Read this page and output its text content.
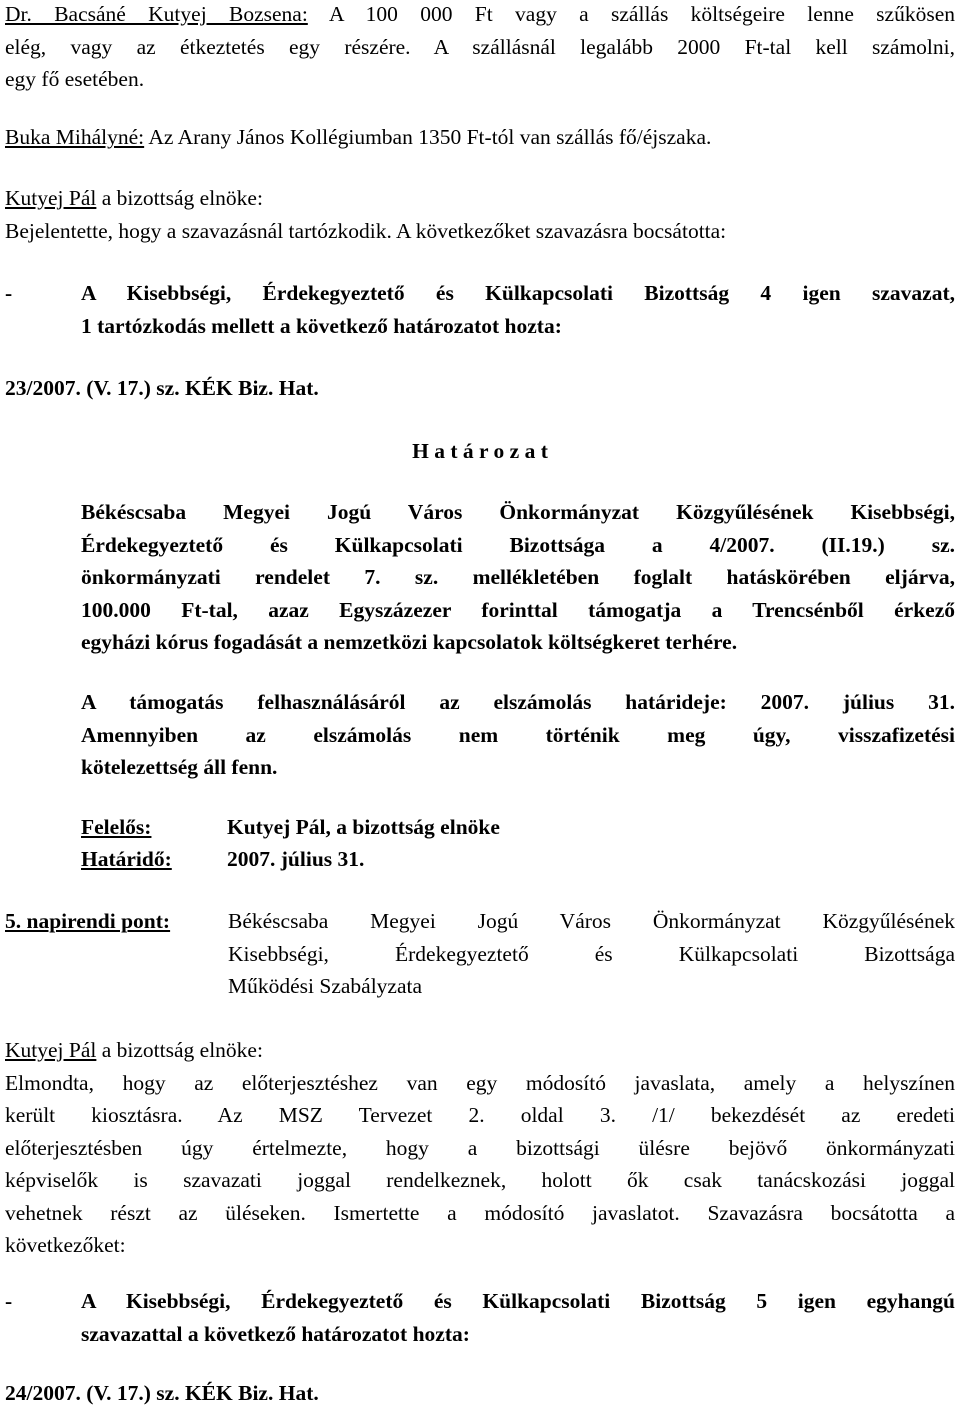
Dr. Bacsáné Kutyej Bozsena: A 100 000 Ft vagy a szállás költségeire lenne szűkösen
elég, vagy az étkeztetés egy részére. A szállásnál legalább 2000 Ft-tal kell számolni,
egy fő esetében.
Buka Mihályné: Az Arany János Kollégiumban 1350 Ft-tól van szállás fő/éjszaka.
Kutyej Pál a bizottság elnöke:
Bejelentette, hogy a szavazásnál tartózkodik. A következőket szavazásra bocsátotta:
-	A Kisebbségi, Érdekegyeztető és Külkapcsolati Bizottság 4 igen szavazat,
1 tartózkodás mellett a következő határozatot hozta:
23/2007. (V. 17.) sz. KÉK Biz. Hat.
H a t á r o z a t
Békéscsaba Megyei Jogú Város Önkormányzat Közgyűlésének Kisebbségi,
Érdekegyeztető és Külkapcsolati Bizottsága a 4/2007. (II.19.) sz.
önkormányzati rendelet 7. sz. mellékletében foglalt hatáskörében eljárva,
100.000 Ft-tal, azaz Egyszázezer forinttal támogatja a Trencsénből érkező
egyházi kórus fogadását a nemzetközi kapcsolatok költségkeret terhére.
A támogatás felhasználásáról az elszámolás határideje: 2007. július 31.
Amennyiben az elszámolás nem történik meg úgy, visszafizetési
kötelezettség áll fenn.
Felelős:	Kutyej Pál, a bizottság elnöke
Határidő:	2007. július 31.
5. napirendi pont:	Békéscsaba Megyei Jogú Város Önkormányzat Közgyűlésének
Kisebbségi, Érdekegyeztető és Külkapcsolati Bizottsága
Működési Szabályzata
Kutyej Pál a bizottság elnöke:
Elmondta, hogy az előterjesztéshez van egy módosító javaslata, amely a helyszínen
került kiosztásra. Az MSZ Tervezet 2. oldal 3. /1/ bekezdését az eredeti
előterjesztésben úgy értelmezte, hogy a bizottsági ülésre bejövő önkormányzati
képviselők is szavazati joggal rendelkeznek, holott ők csak tanácskozási joggal
vehetnek részt az üléseken. Ismertette a módosító javaslatot. Szavazásra bocsátotta a
következőket:
-	A Kisebbségi, Érdekegyeztető és Külkapcsolati Bizottság 5 igen egyhangú
szavazattal a következő határozatot hozta:
24/2007. (V. 17.) sz. KÉK Biz. Hat.
